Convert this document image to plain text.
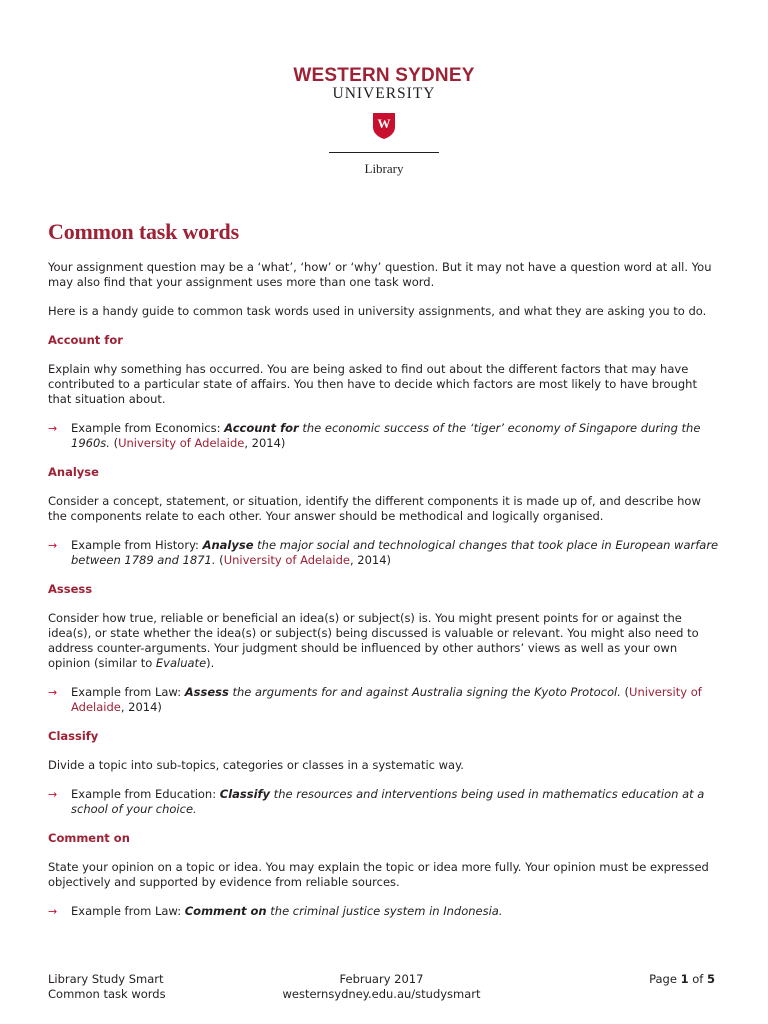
WESTERN SYDNEY
UNIVERSITY
W
Library
Common task words

Your assignment question may be a ‘what’, ‘how’ or ‘why’ question. But it may not have a question word at all. You may also find that your assignment uses more than one task word.

Here is a handy guide to common task words used in university assignments, and what they are asking you to do.

Account for

Explain why something has occurred. You are being asked to find out about the different factors that may have contributed to a particular state of affairs. You then have to decide which factors are most likely to have brought that situation about.

→ Example from Economics: Account for the economic success of the ‘tiger’ economy of Singapore during the 1960s. (University of Adelaide, 2014)
Analyse

Consider a concept, statement, or situation, identify the different components it is made up of, and describe how the components relate to each other. Your answer should be methodical and logically organised.

→ Example from History: Analyse the major social and technological changes that took place in European warfare between 1789 and 1871. (University of Adelaide, 2014)
Assess

Consider how true, reliable or beneficial an idea(s) or subject(s) is. You might present points for or against the idea(s), or state whether the idea(s) or subject(s) being discussed is valuable or relevant. You might also need to address counter-arguments. Your judgment should be influenced by other authors’ views as well as your own opinion (similar to Evaluate).

→ Example from Law: Assess the arguments for and against Australia signing the Kyoto Protocol. (University of Adelaide, 2014)
Classify

Divide a topic into sub-topics, categories or classes in a systematic way.

→ Example from Education: Classify the resources and interventions being used in mathematics education at a school of your choice.
Comment on

State your opinion on a topic or idea. You may explain the topic or idea more fully. Your opinion must be expressed objectively and supported by evidence from reliable sources.

→ Example from Law: Comment on the criminal justice system in Indonesia.
Library Study Smart
Common task words
February 2017
westernsydney.edu.au/studysmart
Page 1 of 5
